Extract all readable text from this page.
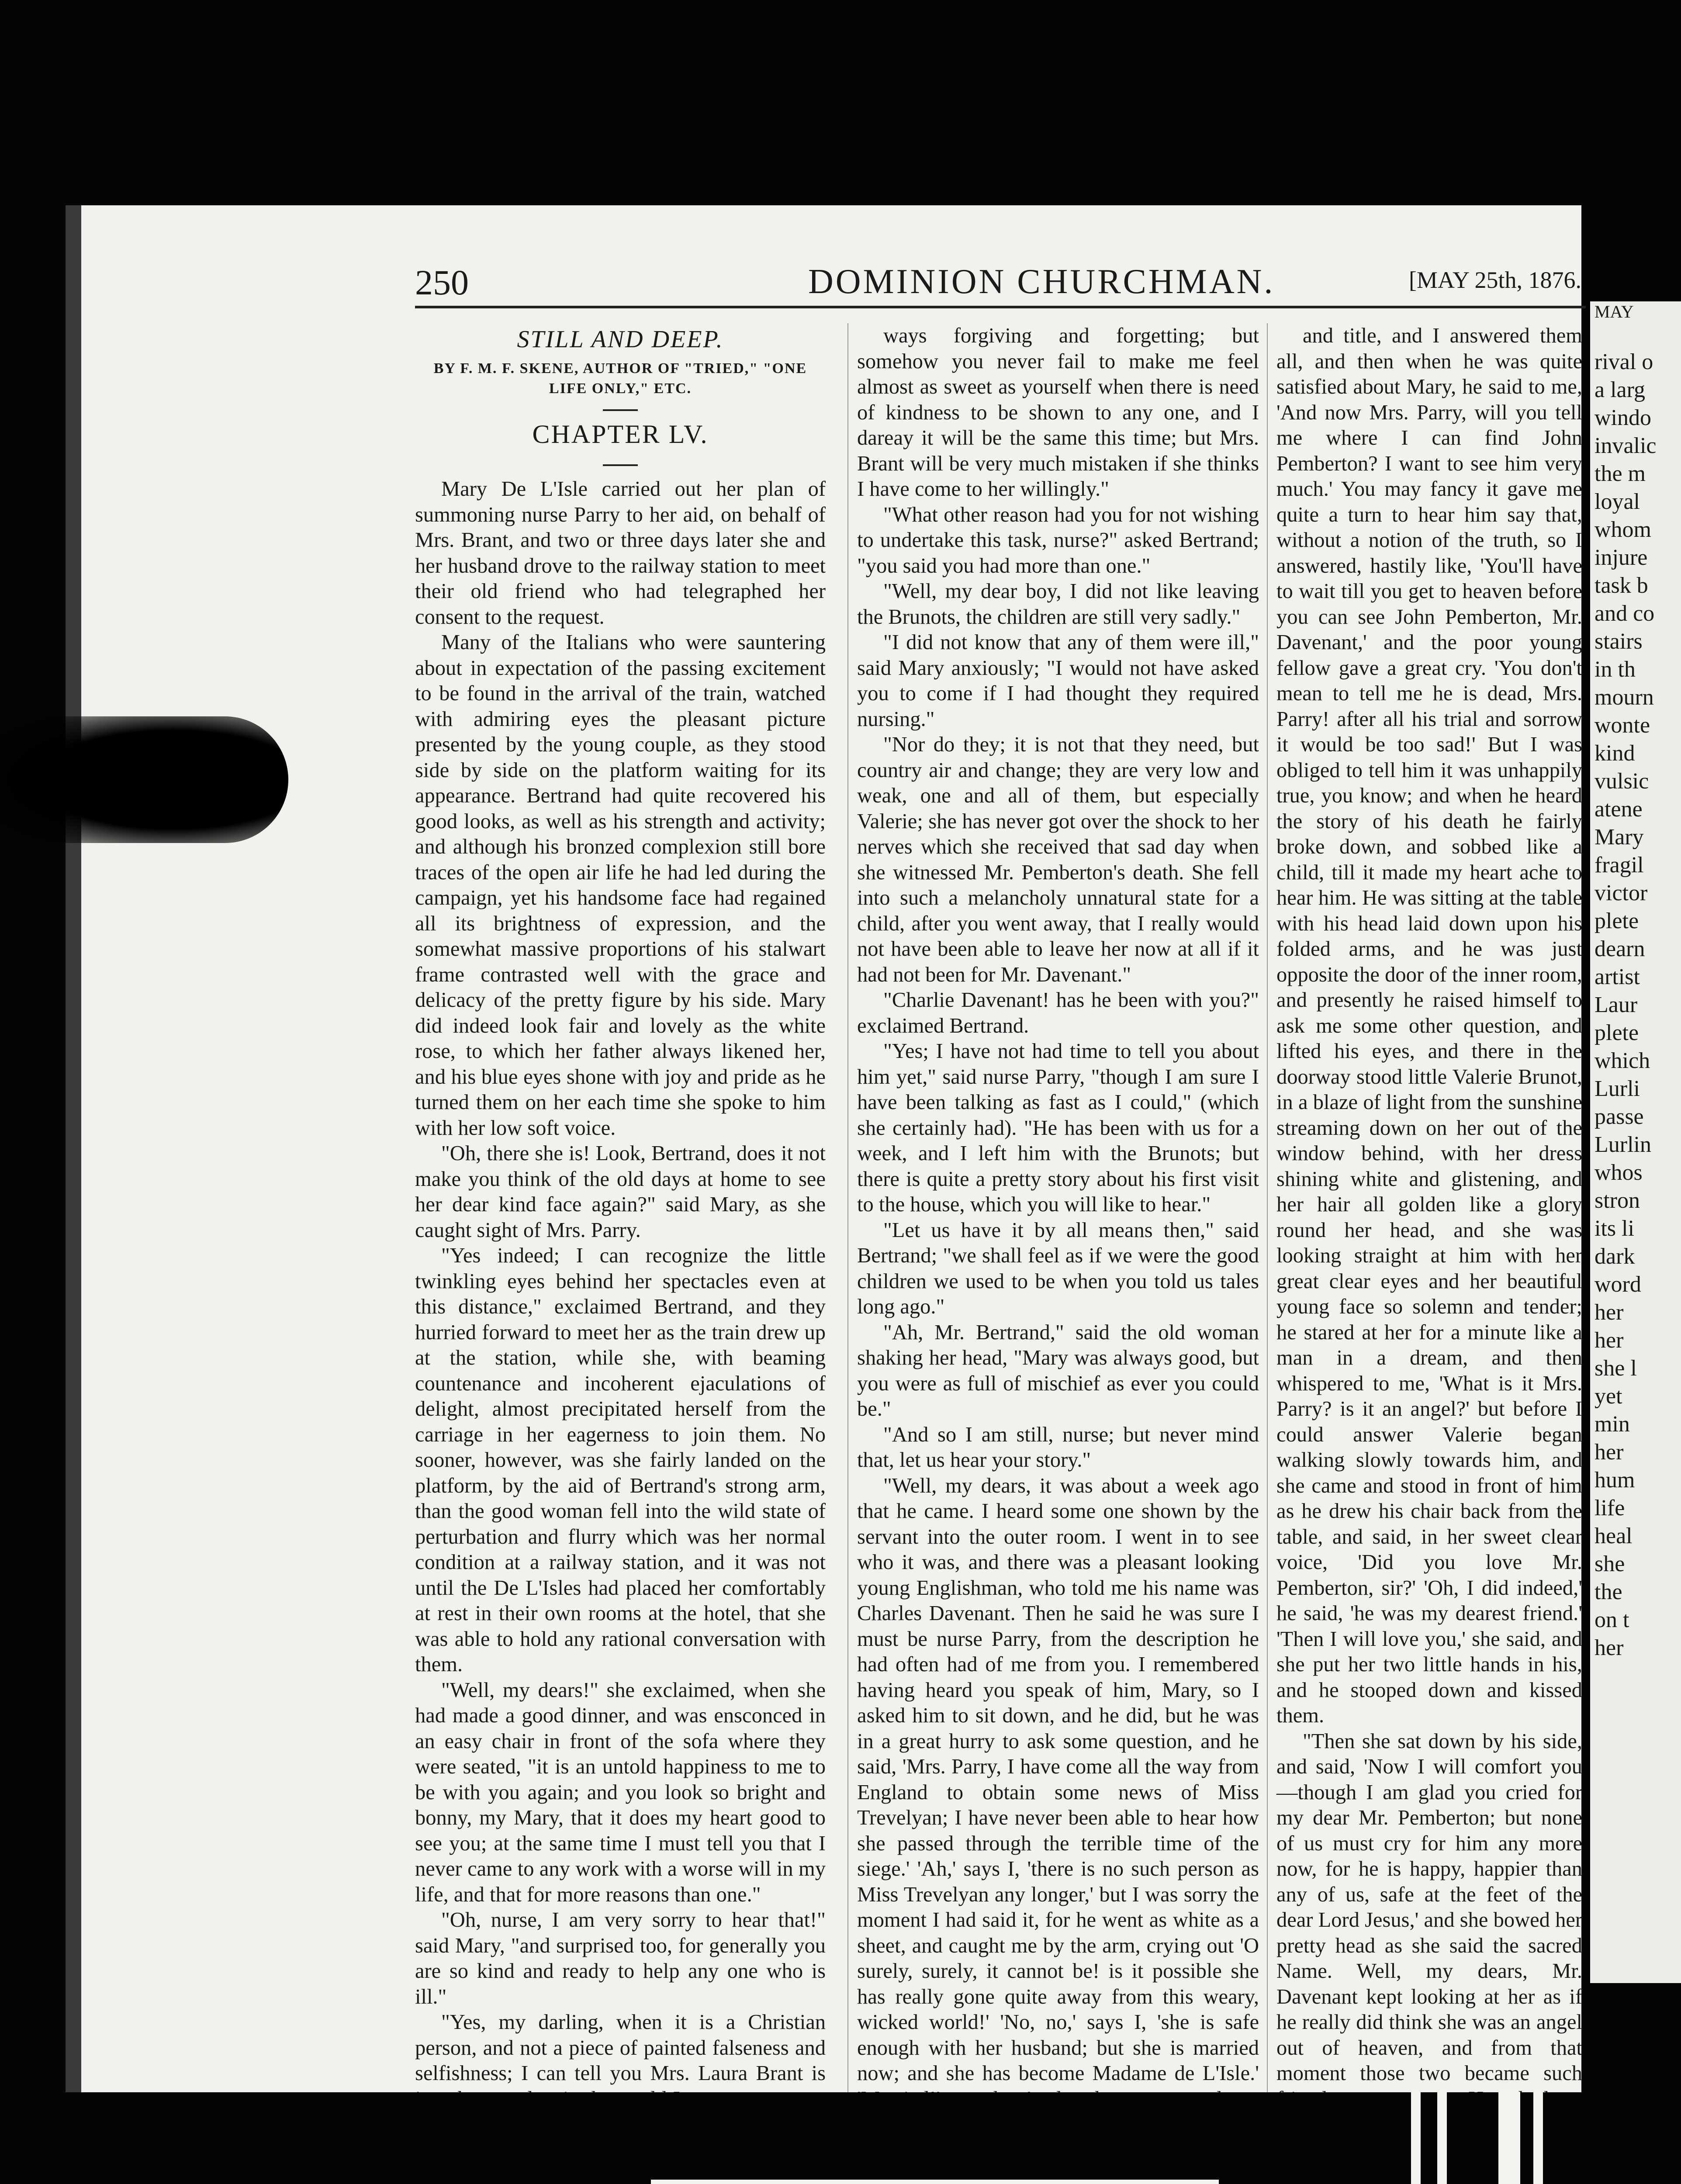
250	DOMINION CHURCHMAN.	[MAY 25th, 1876.
STILL AND DEEP.
BY F. M. F. SKENE, AUTHOR OF "TRIED," "ONE LIFE ONLY," ETC.
CHAPTER LV.

Mary De L'Isle carried out her plan of summoning nurse Parry to her aid, on behalf of Mrs. Brant, and two or three days later she and her husband drove to the railway station to meet their old friend who had telegraphed her consent to the request.

Many of the Italians who were sauntering about in expectation of the passing excitement to be found in the arrival of the train, watched with admiring eyes the pleasant picture presented by the young couple, as they stood side by side on the platform waiting for its appearance. Bertrand had quite recovered his good looks, as well as his strength and activity; and although his bronzed complexion still bore traces of the open air life he had led during the campaign, yet his handsome face had regained all its brightness of expression, and the somewhat massive proportions of his stalwart frame contrasted well with the grace and delicacy of the pretty figure by his side. Mary did indeed look fair and lovely as the white rose, to which her father always likened her, and his blue eyes shone with joy and pride as he turned them on her each time she spoke to him with her low soft voice.

"Oh, there she is! Look, Bertrand, does it not make you think of the old days at home to see her dear kind face again?" said Mary, as she caught sight of Mrs. Parry.

"Yes indeed; I can recognize the little twinkling eyes behind her spectacles even at this distance," exclaimed Bertrand, and they hurried forward to meet her as the train drew up at the station, while she, with beaming countenance and incoherent ejaculations of delight, almost precipitated herself from the carriage in her eagerness to join them. No sooner, however, was she fairly landed on the platform, by the aid of Bertrand's strong arm, than the good woman fell into the wild state of perturbation and flurry which was her normal condition at a railway station, and it was not until the De L'Isles had placed her comfortably at rest in their own rooms at the hotel, that she was able to hold any rational conversation with them.

"Well, my dears!" she exclaimed, when she had made a good dinner, and was ensconced in an easy chair in front of the sofa where they were seated, "it is an untold happiness to me to be with you again; and you look so bright and bonny, my Mary, that it does my heart good to see you; at the same time I must tell you that I never came to any work with a worse will in my life, and that for more reasons than one."

"Oh, nurse, I am very sorry to hear that!" said Mary, "and surprised too, for generally you are so kind and ready to help any one who is ill."

"Yes, my darling, when it is a Christian person, and not a piece of painted falseness and selfishness; I can tell you Mrs. Laura Brant is

ways forgiving and forgetting; but somehow you never fail to make me feel almost as sweet as yourself when there is need of kindness to be shown to any one, and I dareay it will be the same this time; but Mrs. Brant will be very much mistaken if she thinks I have come to her willingly."

"What other reason had you for not wishing to undertake this task, nurse?" asked Bertrand; "you said you had more than one."

"Well, my dear boy, I did not like leaving the Brunots, the children are still very sadly."

"I did not know that any of them were ill," said Mary anxiously; "I would not have asked you to come if I had thought they required nursing."

"Nor do they; it is not that they need, but country air and change; they are very low and weak, one and all of them, but especially Valerie; she has never got over the shock to her nerves which she received that sad day when she witnessed Mr. Pemberton's death. She fell into such a melancholy unnatural state for a child, after you went away, that I really would not have been able to leave her now at all if it had not been for Mr. Davenant."

"Charlie Davenant! has he been with you?" exclaimed Bertrand.

"Yes; I have not had time to tell you about him yet," said nurse Parry, "though I am sure I have been talking as fast as I could," (which she certainly had). "He has been with us for a week, and I left him with the Brunots; but there is quite a pretty story about his first visit to the house, which you will like to hear."

"Let us have it by all means then," said Bertrand; "we shall feel as if we were the good children we used to be when you told us tales long ago."

"Ah, Mr. Bertrand," said the old woman shaking her head, "Mary was always good, but you were as full of mischief as ever you could be."

"And so I am still, nurse; but never mind that, let us hear your story."

"Well, my dears, it was about a week ago that he came. I heard some one shown by the servant into the outer room. I went in to see who it was, and there was a pleasant looking young Englishman, who told me his name was Charles Davenant. Then he said he was sure I must be nurse Parry, from the description he had often had of me from you. I remembered having heard you speak of him, Mary, so I asked him to sit down, and he did, but he was in a great hurry to ask some question, and he said, 'Mrs. Parry, I have come all the way from England to obtain some news of Miss Trevelyan; I have never been able to hear how she passed through the terrible time of the siege.' 'Ah,' says I, 'there is no such person as Miss Trevelyan any longer,' but I was sorry the moment I had said it, for he went as white as a sheet, and caught me by the arm, crying out 'O surely, surely, it cannot be! is it possible she has really gone quite away from this weary, wicked world!' 'No, no,' says I, 'she is safe enough with her husband; but she is married now; and she has become Madame de L'Isle.'

and title, and I answered them all, and then when he was quite satisfied about Mary, he said to me, 'And now Mrs. Parry, will you tell me where I can find John Pemberton? I want to see him very much.' You may fancy it gave me quite a turn to hear him say that, without a notion of the truth, so I answered, hastily like, 'You'll have to wait till you get to heaven before you can see John Pemberton, Mr. Davenant,' and the poor young fellow gave a great cry. 'You don't mean to tell me he is dead, Mrs. Parry! after all his trial and sorrow it would be too sad!' But I was obliged to tell him it was unhappily true, you know; and when he heard the story of his death he fairly broke down, and sobbed like a child, till it made my heart ache to hear him. He was sitting at the table with his head laid down upon his folded arms, and he was just opposite the door of the inner room, and presently he raised himself to ask me some other question, and lifted his eyes, and there in the doorway stood little Valerie Brunot, in a blaze of light from the sunshine streaming down on her out of the window behind, with her dress shining white and glistening, and her hair all golden like a glory round her head, and she was looking straight at him with her great clear eyes and her beautiful young face so solemn and tender; he stared at her for a minute like a man in a dream, and then whispered to me, 'What is it Mrs. Parry? is it an angel?' but before I could answer Valerie began walking slowly towards him, and she came and stood in front of him as he drew his chair back from the table, and said, in her sweet clear voice, 'Did you love Mr. Pemberton, sir?' 'Oh, I did indeed,' he said, 'he was my dearest friend.' 'Then I will love you,' she said, and she put her two little hands in his, and he stooped down and kissed them.

"Then she sat down by his side, and said, 'Now I will comfort you—though I am glad you cried for my dear Mr. Pemberton; but none of us must cry for him any more now, for he is happy, happier than any of us, safe at the feet of the dear Lord Jesus,' and she bowed her pretty head as she said the sacred Name. Well, my dears, Mr. Davenant kept looking at her as if he really did think she was an angel out of heaven, and from that moment those two became such

MAY
rival o
a larg
windo
invalic
the m
loyal
whom
injure
task b
and co
stairs
in th
mourn
wonte
kind
vulsic
atene
Mary
fragil
victor
plete
dearn
artist
Laur
plete
which
Lurli
passe
Lurlin
whos
stron
its li
dark
word
her
her
she l
yet
min
her
hum
life
heal
she
the
on t
her
